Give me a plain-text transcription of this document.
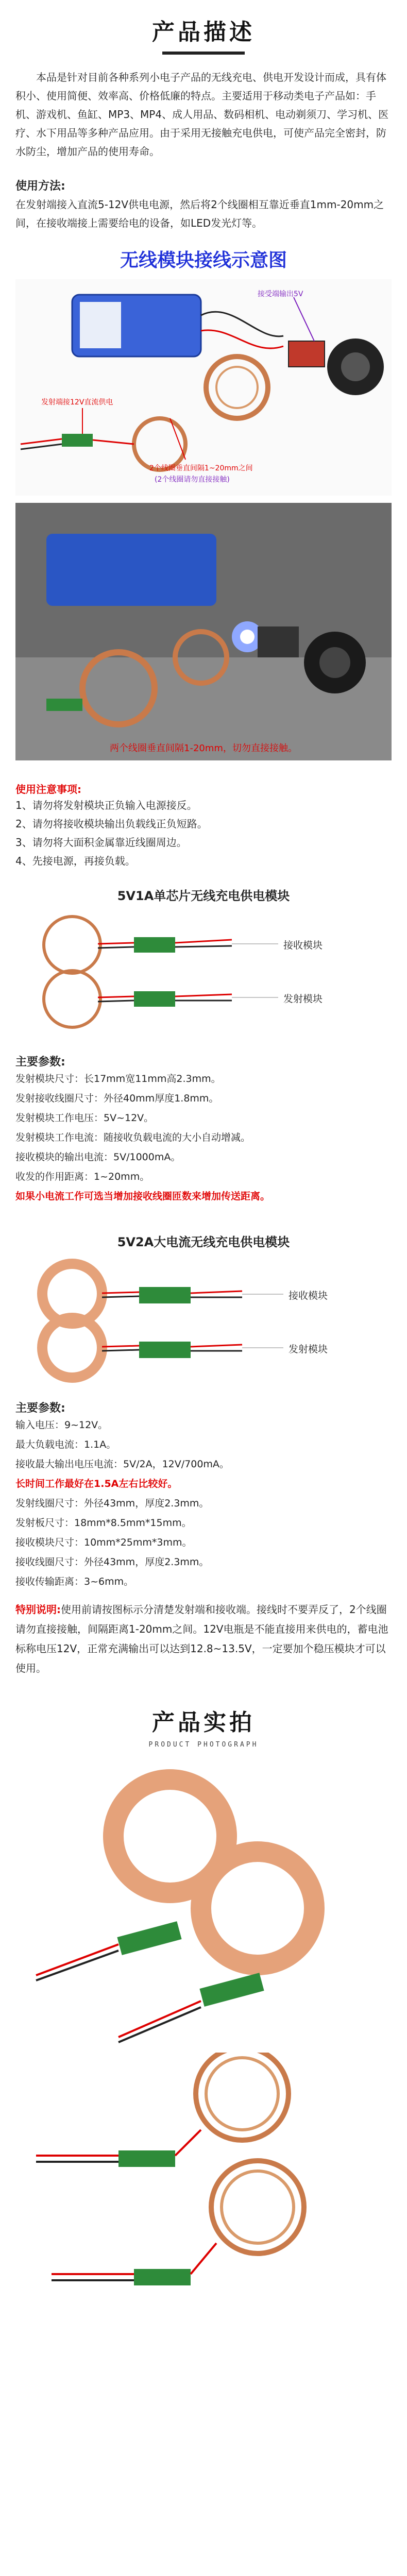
产品描述

本品是针对目前各种系列小电子产品的无线充电、供电开发设计而成，具有体积小、使用简便、效率高、价格低廉的特点。主要适用于移动类电子产品如：手机、游戏机、鱼缸、MP3、MP4、成人用品、数码相机、电动剃须刀、学习机、医疗、水下用品等多种产品应用。由于采用无接触充电供电，可使产品完全密封，防水防尘，增加产品的使用寿命。

使用方法:

在发射端接入直流5-12V供电电源，然后将2个线圈相互靠近垂直1mm-20mm之间，在接收端接上需要给电的设备，如LED发光灯等。

无线模块接线示意图
接受端输出5V
发射端接12V直流供电
2个线圈垂直间隔1~20mm之间
(2个线圈请勿直接接触)
两个线圈垂直间隔1-20mm，切勿直接接触。
使用注意事项:
1、请勿将发射模块正负输入电源接反。
2、请勿将接收模块输出负载线正负短路。
3、请勿将大面积金属靠近线圈周边。
4、先接电源，再接负载。
5V1A单芯片无线充电供电模块
接收模块
发射模块
主要参数:
发射模块尺寸：长17mm宽11mm高2.3mm。
发射接收线圈尺寸：外径40mm厚度1.8mm。
发射模块工作电压：5V~12V。
发射模块工作电流：随接收负载电流的大小自动增减。
接收模块的输出电流：5V/1000mA。
收发的作用距离：1~20mm。
如果小电流工作可选当增加接收线圈匝数来增加传送距离。
5V2A大电流无线充电供电模块
接收模块
发射模块
主要参数:
输入电压：9~12V。
最大负载电流：1.1A。
接收最大输出电压电流：5V/2A，12V/700mA。
长时间工作最好在1.5A左右比较好。
发射线圈尺寸：外径43mm，厚度2.3mm。
发射板尺寸：18mm*8.5mm*15mm。
接收模块尺寸：10mm*25mm*3mm。
接收线圈尺寸：外径43mm，厚度2.3mm。
接收传输距离：3~6mm。

特别说明:使用前请按图标示分清楚发射端和接收端。接线时不要弄反了，2个线圈请勿直接接触，间隔距离1-20mm之间。12V电瓶是不能直接用来供电的，蓄电池标称电压12V，正常充满输出可以达到12.8~13.5V，一定要加个稳压模块才可以使用。

产品实拍
PRODUCT PHOTOGRAPH
